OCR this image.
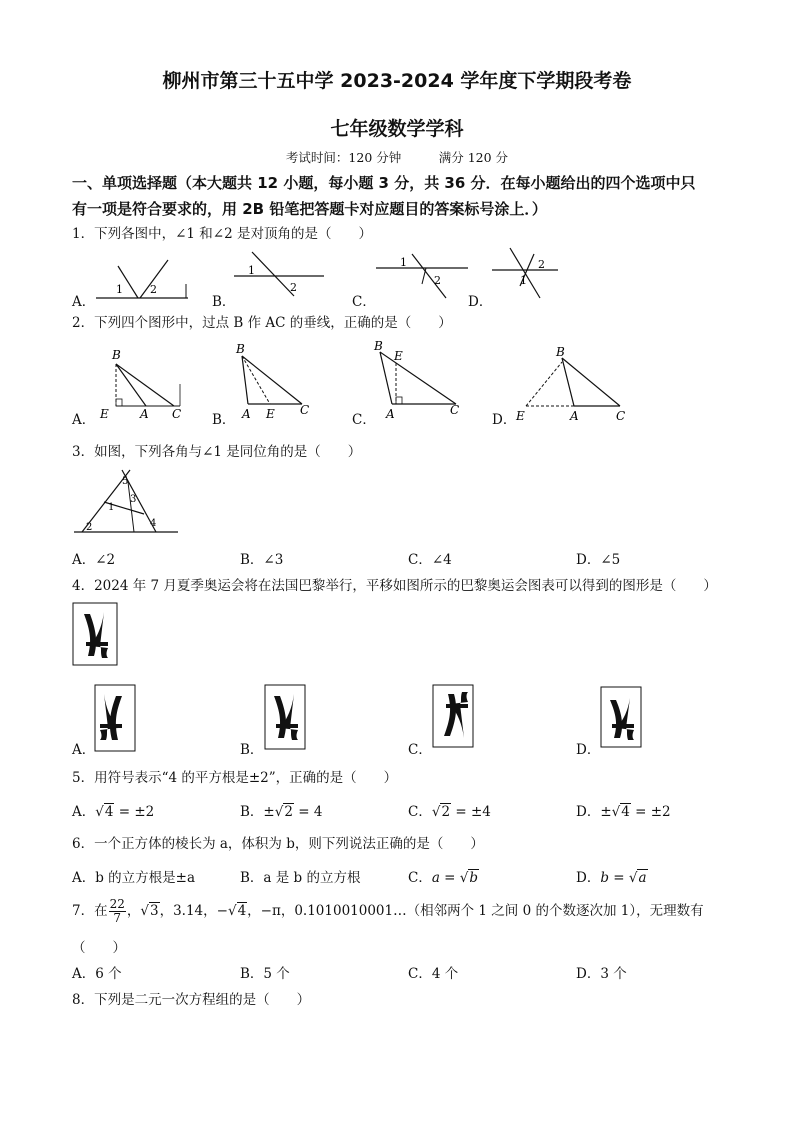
柳州市第三十五中学 2023-2024 学年度下学期段考卷
七年级数学学科
考试时间：120 分钟　　　满分 120 分
一、单项选择题（本大题共 12 小题，每小题 3 分，共 36 分．在每小题给出的四个选项中只
有一项是符合要求的，用 2B 铅笔把答题卡对应题目的答案标号涂上．）
1．下列各图中，∠1 和∠2 是对顶角的是（　　）
A．	B．	C．	D．
1 2
1
2
1
2
2
1
2．下列四个图形中，过点 B 作 AC 的垂线，正确的是（　　）
A．	B．	C．	D．
B
E	A C
B
A E C
B
E
A	C
B
E	A	C
3．如图，下列各角与∠1 是同位角的是（　　）
2
1
3
5
4
A．∠2	B．∠3	C．∠4	D．∠5
4．2024 年 7 月夏季奥运会将在法国巴黎举行，平移如图所示的巴黎奥运会图表可以得到的图形是（　　）
A．	B．	C．	D．
5．用符号表示“4 的平方根是±2”，正确的是（　　）
A．√4 = ±2	B．±√2 = 4	C．√2 = ±4	D．±√4 = ±2
6．一个正方体的棱长为 a，体积为 b，则下列说法正确的是（　　）
A．b 的立方根是±a	B．a 是 b 的立方根	C．a = √b	D．b = √a
7．在 $\frac{22}{7}$ ，√3，3.14，−√4，−π，0.1010010001…（相邻两个 1 之间 0 的个数逐次加 1），无理数有
（　　）
A．6 个	B．5 个	C．4 个	D．3 个
8．下列是二元一次方程组的是（　　）
